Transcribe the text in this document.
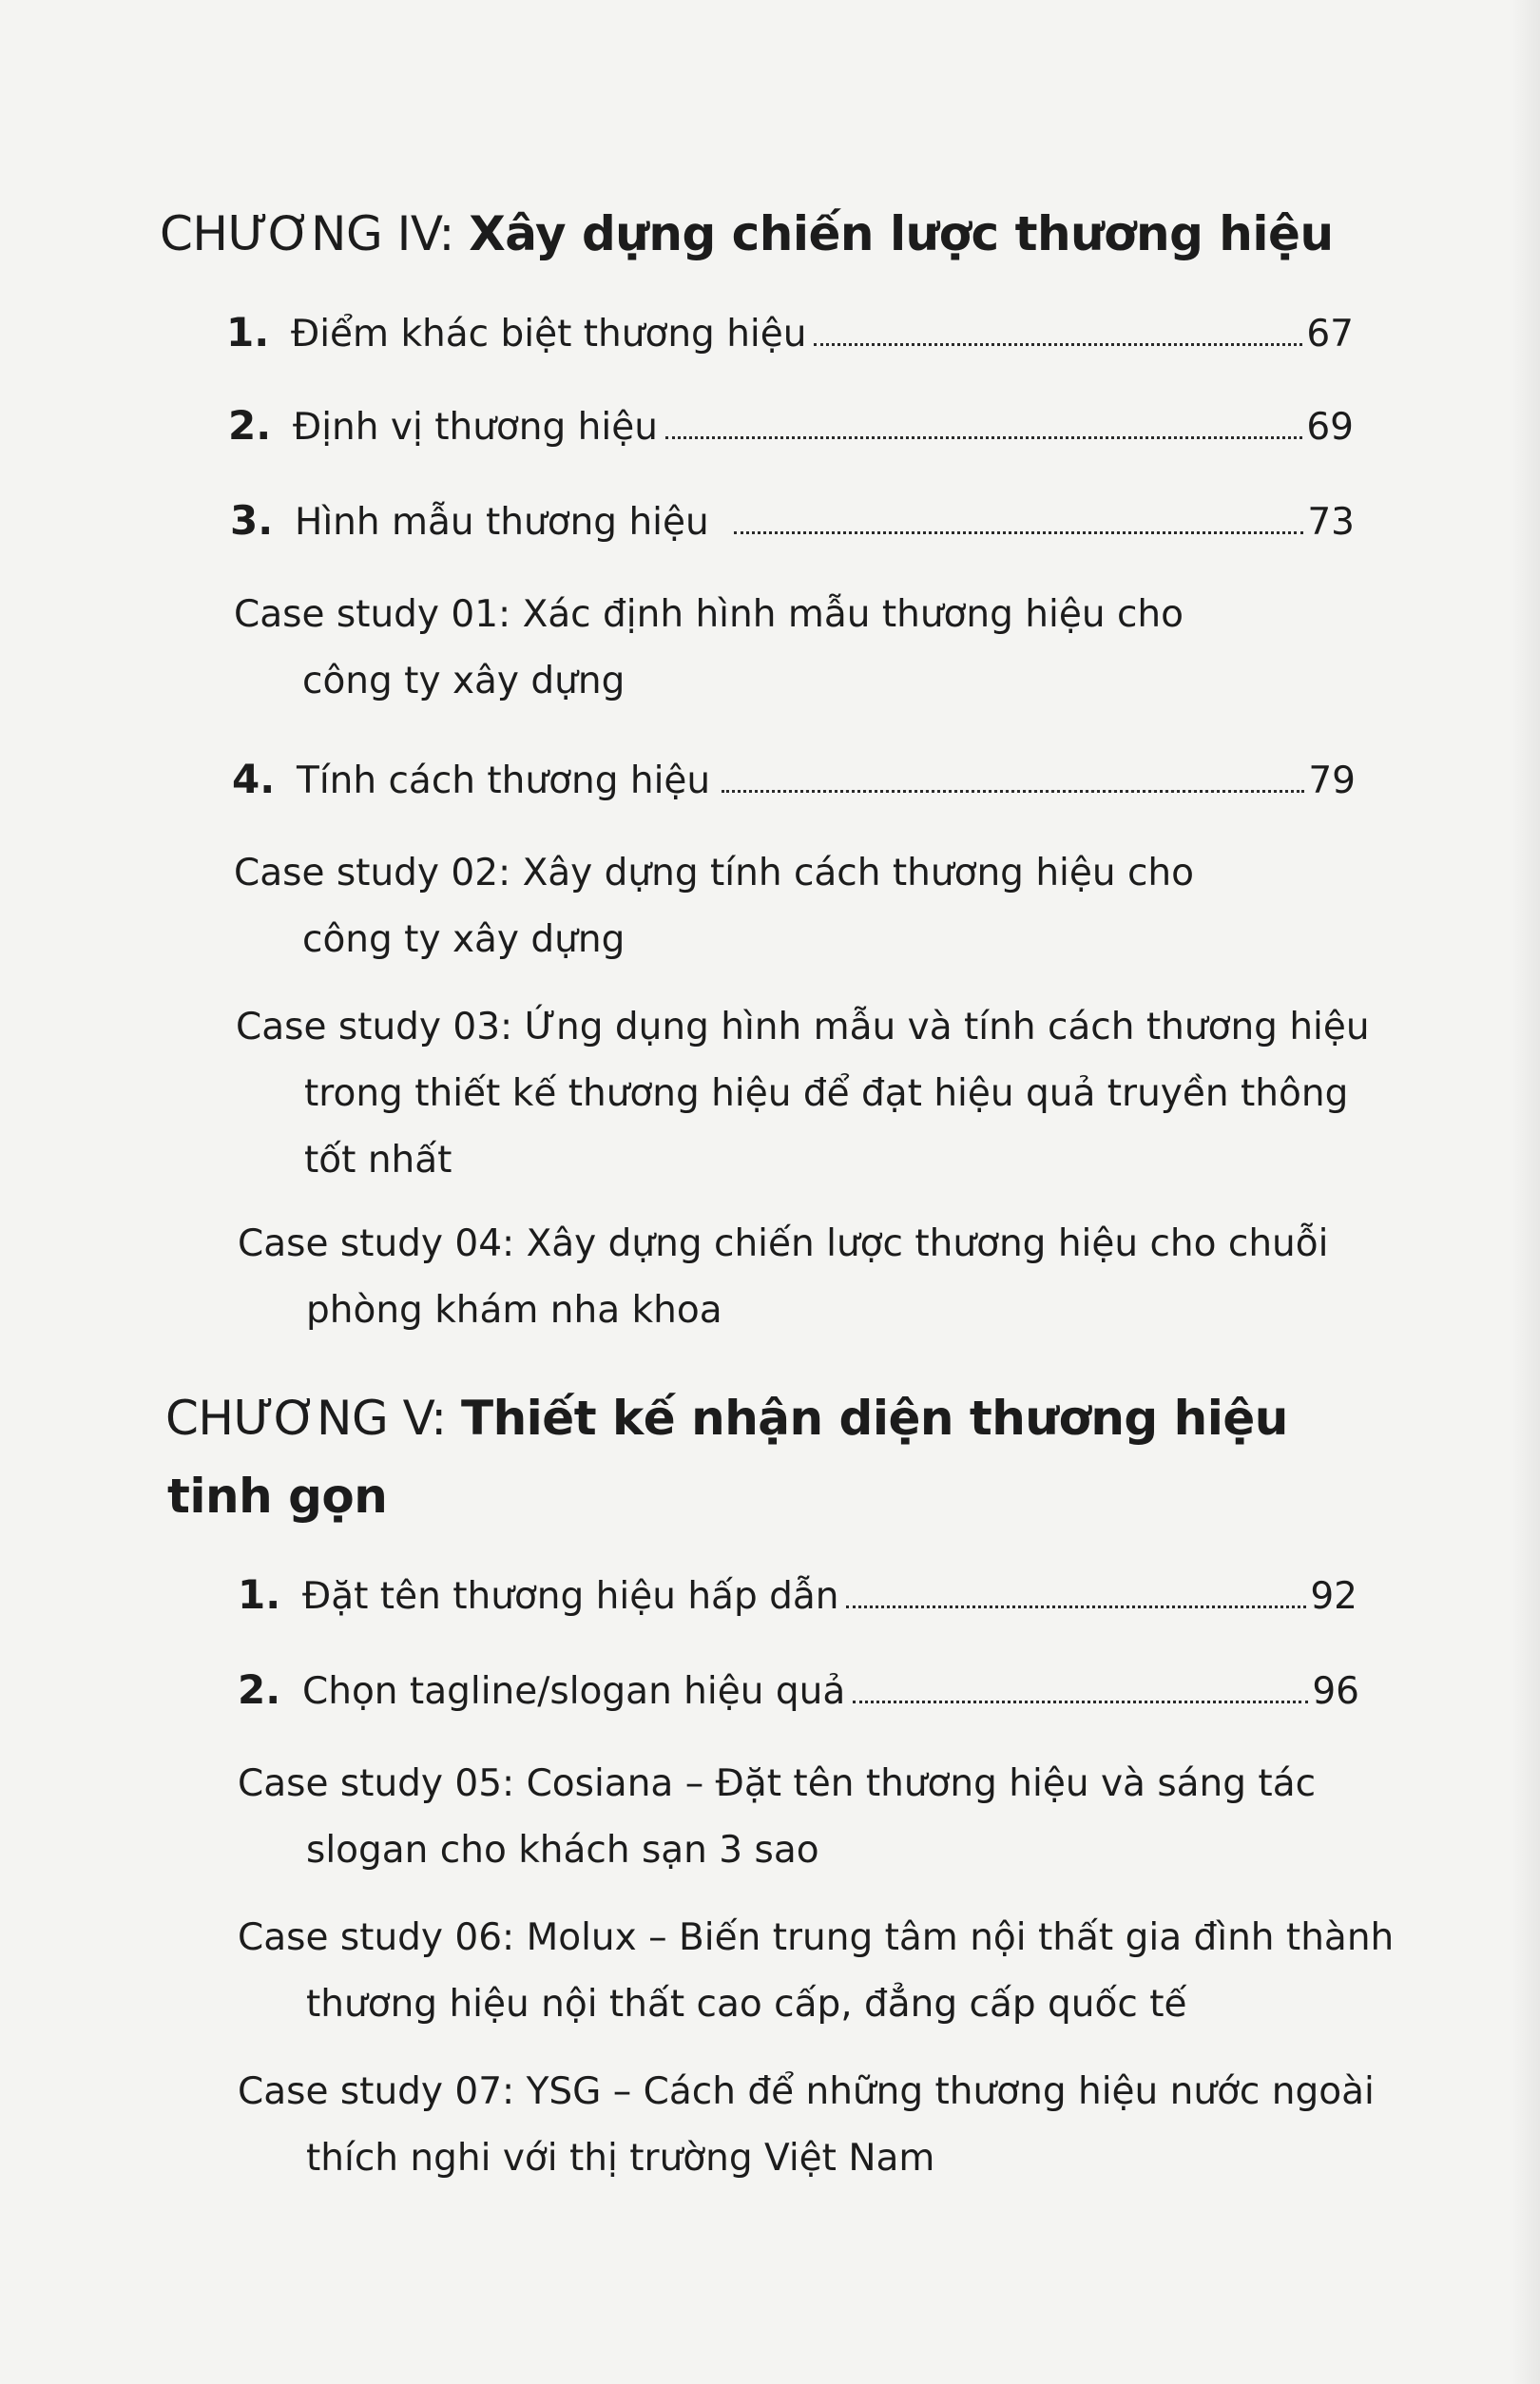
CHƯƠNG IV: Xây dựng chiến lược thương hiệu
1. Điểm khác biệt thương hiệu	67
2. Định vị thương hiệu	69
3. Hình mẫu thương hiệu	73
Case study 01: Xác định hình mẫu thương hiệu cho
công ty xây dựng
4. Tính cách thương hiệu	79
Case study 02: Xây dựng tính cách thương hiệu cho
công ty xây dựng
Case study 03: Ứng dụng hình mẫu và tính cách thương hiệu
trong thiết kế thương hiệu để đạt hiệu quả truyền thông
tốt nhất
Case study 04: Xây dựng chiến lược thương hiệu cho chuỗi
phòng khám nha khoa
CHƯƠNG V: Thiết kế nhận diện thương hiệu
tinh gọn
1. Đặt tên thương hiệu hấp dẫn	92
2. Chọn tagline/slogan hiệu quả	96
Case study 05: Cosiana – Đặt tên thương hiệu và sáng tác
slogan cho khách sạn 3 sao
Case study 06: Molux – Biến trung tâm nội thất gia đình thành
thương hiệu nội thất cao cấp, đẳng cấp quốc tế
Case study 07: YSG – Cách để những thương hiệu nước ngoài
thích nghi với thị trường Việt Nam
